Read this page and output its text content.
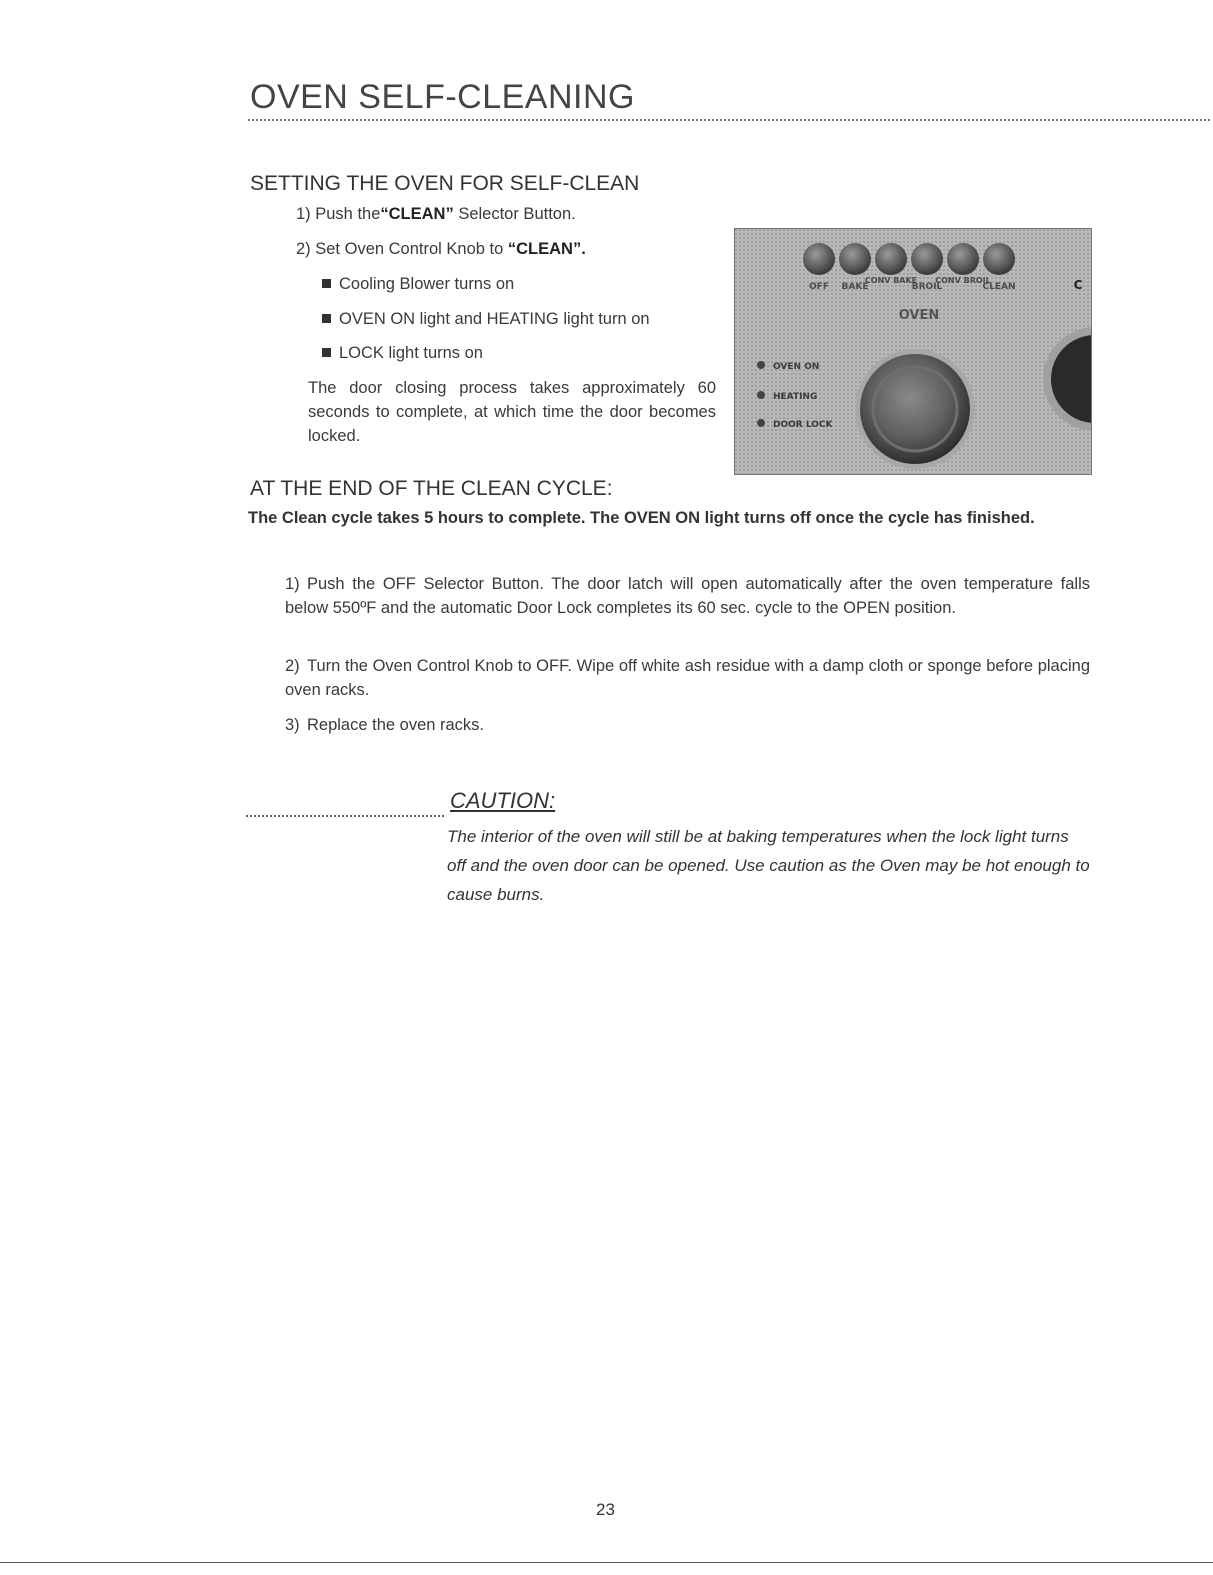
OVEN SELF-CLEANING
SETTING THE OVEN FOR SELF-CLEAN
1) Push the“CLEAN” Selector Button.
2) Set Oven Control Knob to “CLEAN”.
Cooling Blower turns on
OVEN ON light and HEATING light turn on
LOCK light turns on
The door closing process takes approximately 60 seconds to complete, at which time the door becomes locked.
OFF BAKE
CONV BAKE
BROIL
CONV BROIL
CLEAN
OVEN
C
OVEN ON
HEATING
DOOR LOCK
AT THE END OF THE CLEAN CYCLE:
The Clean cycle takes 5 hours to complete. The OVEN ON light turns off once the cycle has finished.
1) Push the OFF Selector Button. The door latch will open automatically after the oven temperature falls below 550ºF and the automatic Door Lock completes its 60 sec. cycle to the OPEN position.
2) Turn the Oven Control Knob to OFF. Wipe off white ash residue with a damp cloth or sponge before placing oven racks.
3) Replace the oven racks.
CAUTION:
The interior of the oven will still be at baking temperatures when the lock light turns off and the oven door can be opened. Use caution as the Oven may be hot enough to cause burns.
23
